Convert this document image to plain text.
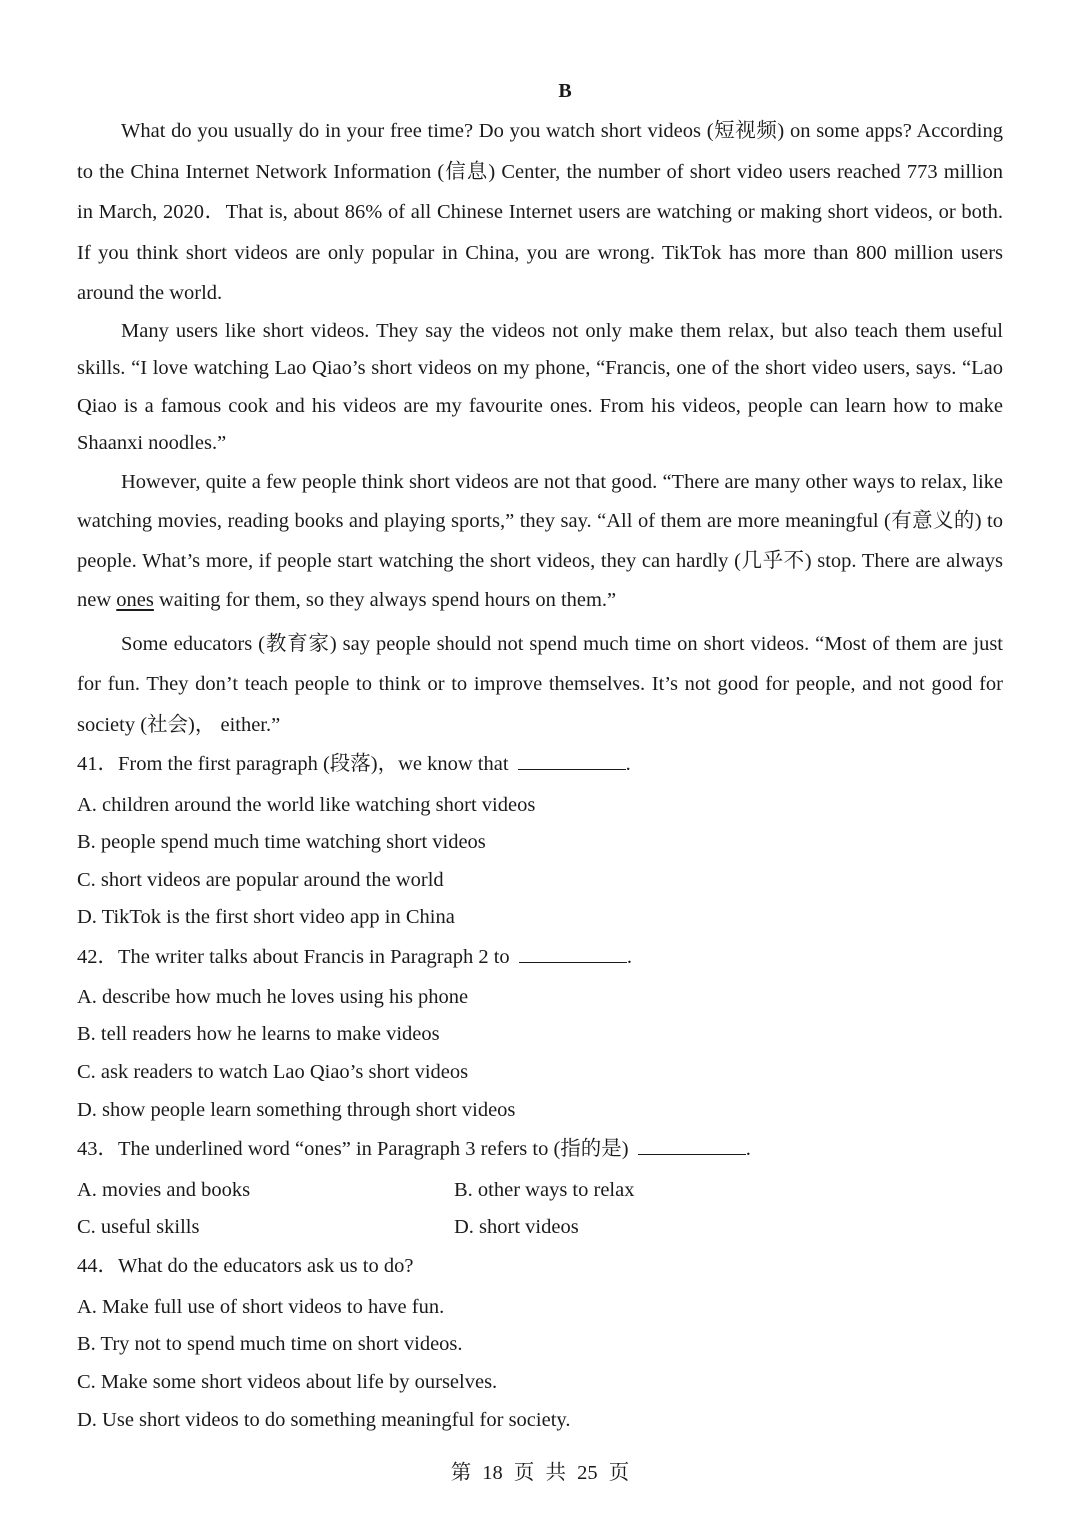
B

What do you usually do in your free time? Do you watch short videos (短视频) on some apps? According to the China Internet Network Information (信息) Center, the number of short video users reached 773 million in March, 2020．That is, about 86% of all Chinese Internet users are watching or making short videos, or both. If you think short videos are only popular in China, you are wrong. TikTok has more than 800 million users around the world.

Many users like short videos. They say the videos not only make them relax, but also teach them useful skills. “I love watching Lao Qiao’s short videos on my phone, “Francis, one of the short video users, says. “Lao Qiao is a famous cook and his videos are my favourite ones. From his videos, people can learn how to make Shaanxi noodles.”

However, quite a few people think short videos are not that good. “There are many other ways to relax, like watching movies, reading books and playing sports,” they say. “All of them are more meaningful (有意义的) to people. What’s more, if people start watching the short videos, they can hardly (几乎不) stop. There are always new ones waiting for them, so they always spend hours on them.”

Some educators (教育家) say people should not spend much time on short videos. “Most of them are just for fun. They don’t teach people to think or to improve themselves. It’s not good for people, and not good for society (社会)， either.”

41．From the first paragraph (段落)，we know that	.
A. children around the world like watching short videos
B. people spend much time watching short videos
C. short videos are popular around the world
D. TikTok is the first short video app in China
42．The writer talks about Francis in Paragraph 2 to	.
A. describe how much he loves using his phone
B. tell readers how he learns to make videos
C. ask readers to watch Lao Qiao’s short videos
D. show people learn something through short videos
43．The underlined word “ones” in Paragraph 3 refers to (指的是)	.
A. movies and books	B. other ways to relax
C. useful skills	D. short videos
44．What do the educators ask us to do?
A. Make full use of short videos to have fun.
B. Try not to spend much time on short videos.
C. Make some short videos about life by ourselves.
D. Use short videos to do something meaningful for society.
第 18 页 共 25 页
